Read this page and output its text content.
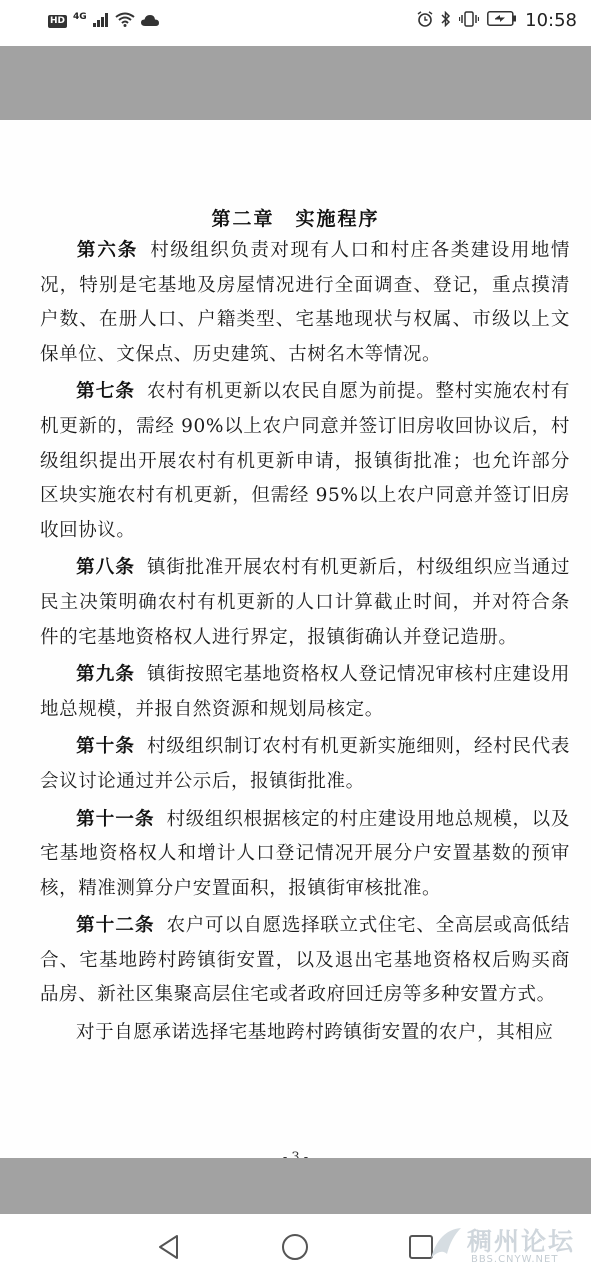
HD 4G	10:58
第二章　实施程序

第六条 村级组织负责对现有人口和村庄各类建设用地情况，特别是宅基地及房屋情况进行全面调查、登记，重点摸清户数、在册人口、户籍类型、宅基地现状与权属、市级以上文保单位、文保点、历史建筑、古树名木等情况。

第七条 农村有机更新以农民自愿为前提。整村实施农村有机更新的，需经 90%以上农户同意并签订旧房收回协议后，村级组织提出开展农村有机更新申请，报镇街批准；也允许部分区块实施农村有机更新，但需经 95%以上农户同意并签订旧房收回协议。

第八条 镇街批准开展农村有机更新后，村级组织应当通过民主决策明确农村有机更新的人口计算截止时间，并对符合条件的宅基地资格权人进行界定，报镇街确认并登记造册。

第九条 镇街按照宅基地资格权人登记情况审核村庄建设用地总规模，并报自然资源和规划局核定。

第十条 村级组织制订农村有机更新实施细则，经村民代表会议讨论通过并公示后，报镇街批准。

第十一条 村级组织根据核定的村庄建设用地总规模，以及宅基地资格权人和增计人口登记情况开展分户安置基数的预审核，精准测算分户安置面积，报镇街审核批准。

第十二条 农户可以自愿选择联立式住宅、全高层或高低结合、宅基地跨村跨镇街安置，以及退出宅基地资格权后购买商品房、新社区集聚高层住宅或者政府回迁房等多种安置方式。

对于自愿承诺选择宅基地跨村跨镇街安置的农户，其相应

稠州论坛
BBS.CNYW.NET
